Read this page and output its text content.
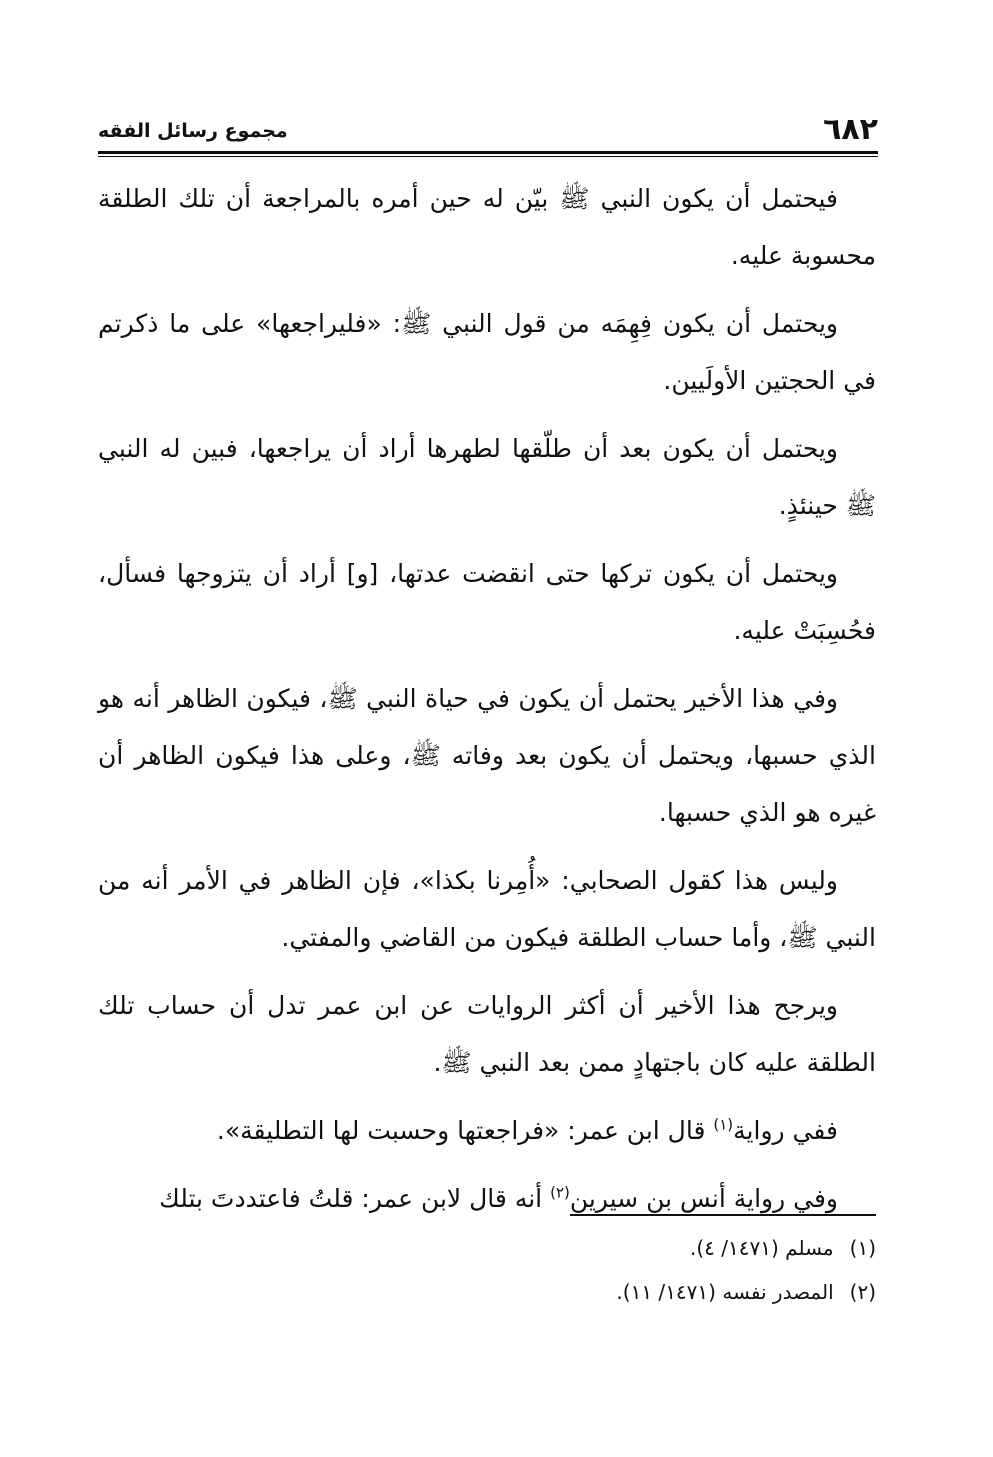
٦٨٢
مجموع رسائل الفقه

فيحتمل أن يكون النبي ﷺ بيّن له حين أمره بالمراجعة أن تلك الطلقة محسوبة عليه.

ويحتمل أن يكون فِهِمَه من قول النبي ﷺ: «فليراجعها» على ما ذكرتم في الحجتين الأولَيين.

ويحتمل أن يكون بعد أن طلّقها لطهرها أراد أن يراجعها، فبين له النبي ﷺ حينئذٍ.

ويحتمل أن يكون تركها حتى انقضت عدتها، [و] أراد أن يتزوجها فسأل، فحُسِبَتْ عليه.

وفي هذا الأخير يحتمل أن يكون في حياة النبي ﷺ، فيكون الظاهر أنه هو الذي حسبها، ويحتمل أن يكون بعد وفاته ﷺ، وعلى هذا فيكون الظاهر أن غيره هو الذي حسبها.

وليس هذا كقول الصحابي: «أُمِرنا بكذا»، فإن الظاهر في الأمر أنه من النبي ﷺ، وأما حساب الطلقة فيكون من القاضي والمفتي.

ويرجح هذا الأخير أن أكثر الروايات عن ابن عمر تدل أن حساب تلك الطلقة عليه كان باجتهادٍ ممن بعد النبي ﷺ.

ففي رواية$^{(١)}$ قال ابن عمر: «فراجعتها وحسبت لها التطليقة».

وفي رواية أنس بن سيرين$^{(٢)}$ أنه قال لابن عمر: قلتُ فاعتددتَ بتلك

(١) مسلم (١٤٧١/ ٤).

(٢) المصدر نفسه (١٤٧١/ ١١).
